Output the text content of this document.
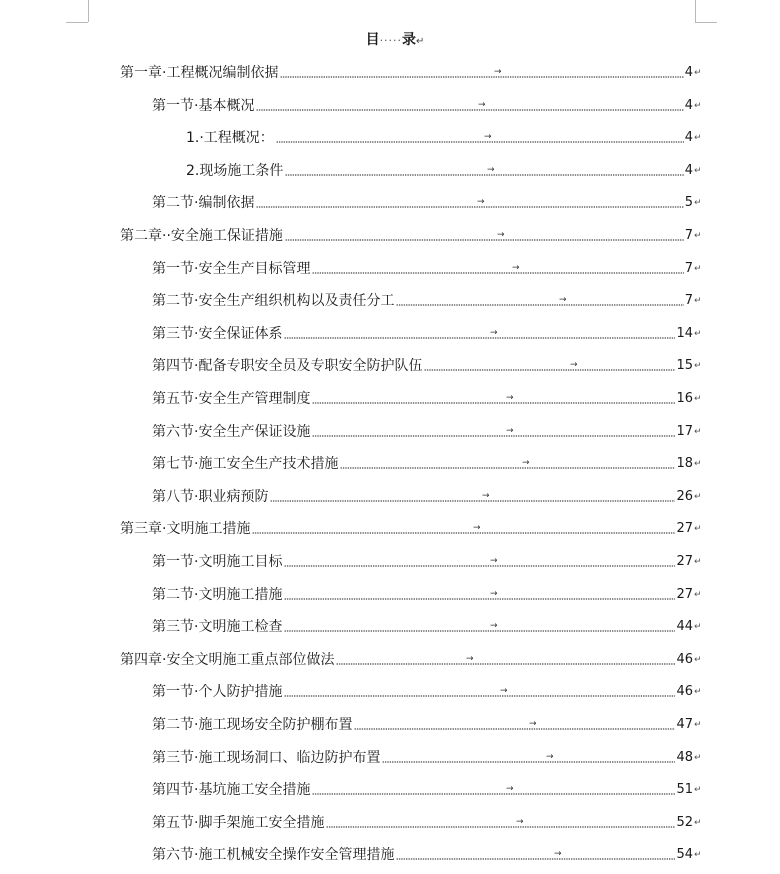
目·····录↵
第一章·工程概况编制依据	→	4 ↵
第一节·基本概况	→	4 ↵
1.·工程概况：	→	4 ↵
2.现场施工条件	→	4 ↵
第二节·编制依据	→	5 ↵
第二章··安全施工保证措施	→	7 ↵
第一节·安全生产目标管理	→	7 ↵
第二节·安全生产组织机构以及责任分工	→	7 ↵
第三节·安全保证体系	→	14 ↵
第四节·配备专职安全员及专职安全防护队伍	→	15 ↵
第五节·安全生产管理制度	→	16 ↵
第六节·安全生产保证设施	→	17 ↵
第七节·施工安全生产技术措施	→	18 ↵
第八节·职业病预防	→	26 ↵
第三章·文明施工措施	→	27 ↵
第一节·文明施工目标	→	27 ↵
第二节·文明施工措施	→	27 ↵
第三节·文明施工检查	→	44 ↵
第四章·安全文明施工重点部位做法	→	46 ↵
第一节·个人防护措施	→	46 ↵
第二节·施工现场安全防护棚布置	→	47 ↵
第三节·施工现场洞口、临边防护布置	→	48 ↵
第四节·基坑施工安全措施	→	51 ↵
第五节·脚手架施工安全措施	→	52 ↵
第六节·施工机械安全操作安全管理措施	→	54 ↵
